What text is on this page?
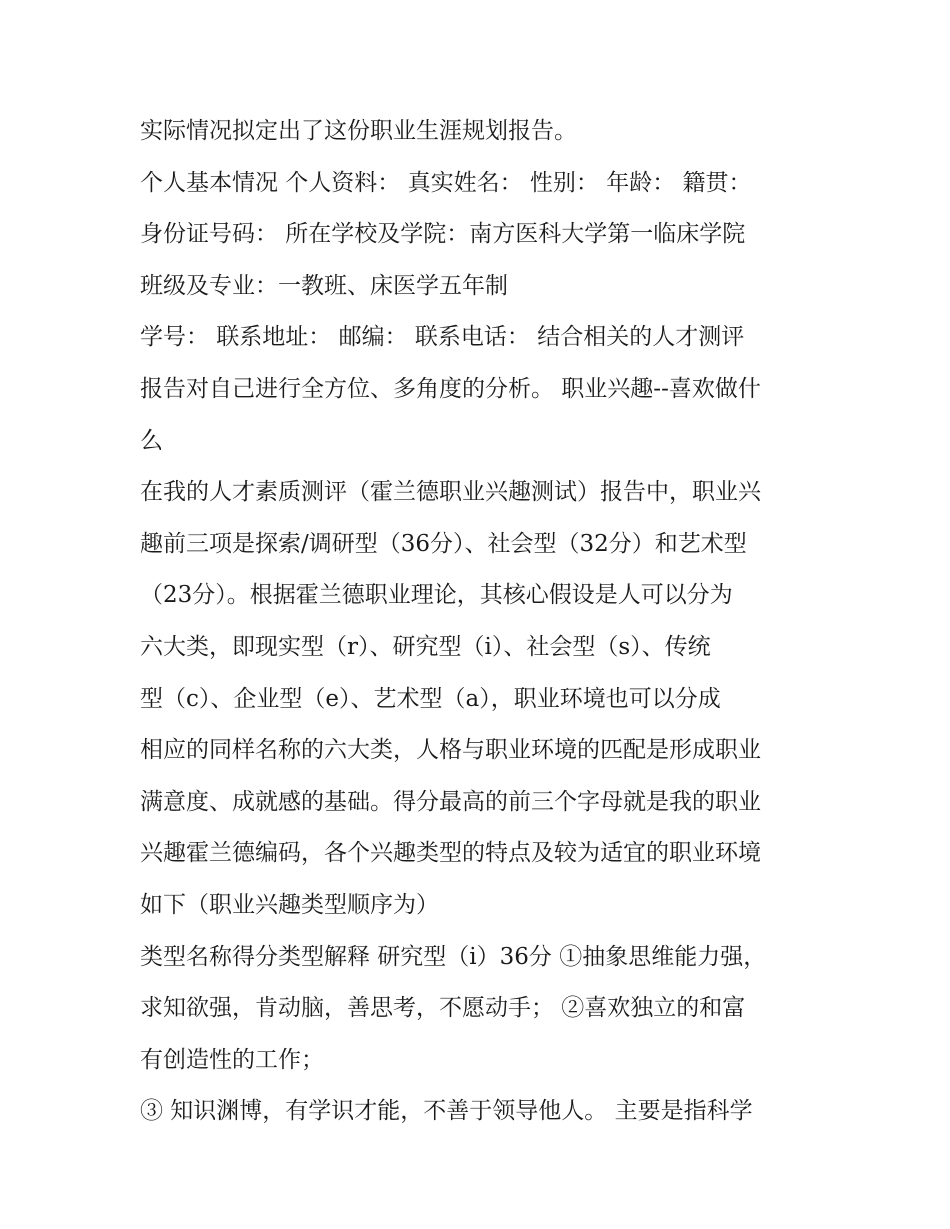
实际情况拟定出了这份职业生涯规划报告。
个人基本情况 个人资料： 真实姓名： 性别： 年龄： 籍贯：
身份证号码： 所在学校及学院：南方医科大学第一临床学院
班级及专业：一教班、床医学五年制
学号： 联系地址： 邮编： 联系电话： 结合相关的人才测评
报告对自己进行全方位、多角度的分析。 职业兴趣--喜欢做什
么
在我的人才素质测评（霍兰德职业兴趣测试）报告中，职业兴
趣前三项是探索/调研型（36分）、社会型（32分）和艺术型
（23分）。根据霍兰德职业理论，其核心假设是人可以分为
六大类，即现实型（r）、研究型（i）、社会型（s）、传统
型（c）、企业型（e）、艺术型（a），职业环境也可以分成
相应的同样名称的六大类，人格与职业环境的匹配是形成职业
满意度、成就感的基础。得分最高的前三个字母就是我的职业
兴趣霍兰德编码，各个兴趣类型的特点及较为适宜的职业环境
如下（职业兴趣类型顺序为）
类型名称得分类型解释 研究型（i）36分 ①抽象思维能力强，
求知欲强，肯动脑，善思考，不愿动手； ②喜欢独立的和富
有创造性的工作；
③ 知识渊博，有学识才能，不善于领导他人。 主要是指科学
